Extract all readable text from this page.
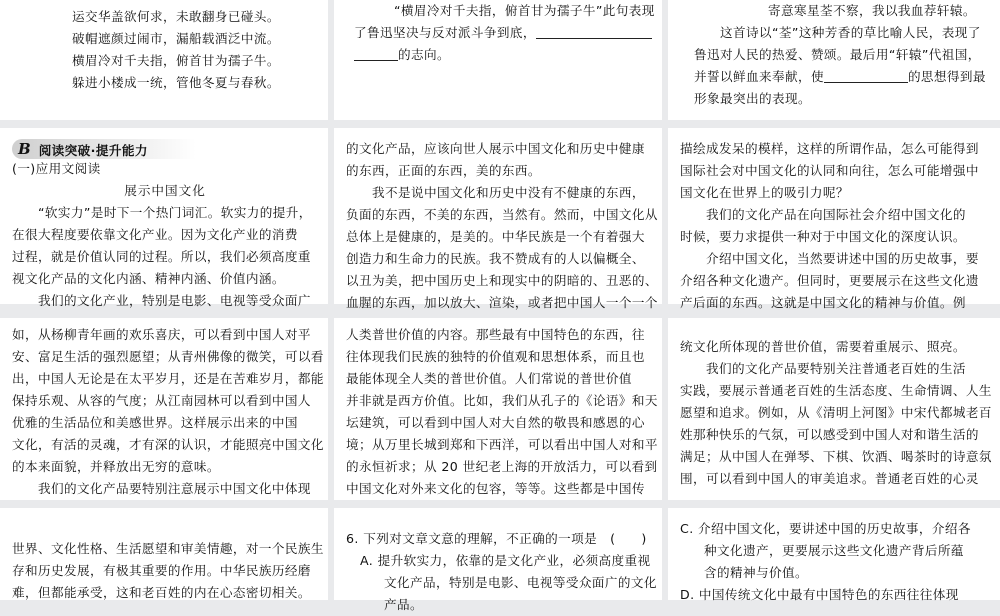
运交华盖欲何求，未敢翻身已碰头。
破帽遮颜过闹市，漏船载酒泛中流。
横眉冷对千夫指，俯首甘为孺子牛。
躲进小楼成一统，管他冬夏与春秋。
“横眉冷对千夫指，俯首甘为孺子牛”此句表现
了鲁迅坚决与反对派斗争到底，
的志向。
寄意寒星荃不察，我以我血荐轩辕。
这首诗以“荃”这种芳香的草比喻人民，表现了
鲁迅对人民的热爱、赞颂。最后用“轩辕”代祖国，
并誓以鲜血来奉献，使	的思想得到最
形象最突出的表现。
B 阅读突破·提升能力
(一)应用文阅读
展示中国文化
“软实力”是时下一个热门词汇。软实力的提升，
在很大程度要依靠文化产业。因为文化产业的消费
过程，就是价值认同的过程。所以，我们必须高度重
视文化产品的文化内涵、精神内涵、价值内涵。
我们的文化产业，特别是电影、电视等受众面广
的文化产品，应该向世人展示中国文化和历史中健康
的东西，正面的东西，美的东西。
我不是说中国文化和历史中没有不健康的东西，
负面的东西，不美的东西，当然有。然而，中国文化从
总体上是健康的，是美的。中华民族是一个有着强大
创造力和生命力的民族。我不赞成有的人以偏概全、
以丑为美，把中国历史上和现实中的阴暗的、丑恶的、
血腥的东西，加以放大、渲染，或者把中国人一个一个
描绘成发呆的模样，这样的所谓作品，怎么可能得到
国际社会对中国文化的认同和向往，怎么可能增强中
国文化在世界上的吸引力呢？
我们的文化产品在向国际社会介绍中国文化的
时候，要力求提供一种对于中国文化的深度认识。
介绍中国文化，当然要讲述中国的历史故事，要
介绍各种文化遗产。但同时，更要展示在这些文化遗
产后面的东西。这就是中国文化的精神与价值。例
如，从杨柳青年画的欢乐喜庆，可以看到中国人对平
安、富足生活的强烈愿望；从青州佛像的微笑，可以看
出，中国人无论是在太平岁月，还是在苦难岁月，都能
保持乐观、从容的气度；从江南园林可以看到中国人
优雅的生活品位和美感世界。这样展示出来的中国
文化，有活的灵魂，才有深的认识，才能照亮中国文化
的本来面貌，并释放出无穷的意味。
我们的文化产品要特别注意展示中国文化中体现
人类普世价值的内容。那些最有中国特色的东西，往
往体现我们民族的独特的价值观和思想体系，而且也
最能体现全人类的普世价值。人们常说的普世价值
并非就是西方价值。比如，我们从孔子的《论语》和天
坛建筑，可以看到中国人对大自然的敬畏和感恩的心
境；从万里长城到郑和下西洋，可以看出中国人对和平
的永恒祈求；从 20 世纪老上海的开放活力，可以看到
中国文化对外来文化的包容，等等。这些都是中国传
统文化所体现的普世价值，需要着重展示、照亮。
我们的文化产品要特别关注普通老百姓的生活
实践，要展示普通老百姓的生活态度、生命情调、人生
愿望和追求。例如，从《清明上河图》中宋代都城老百
姓那种快乐的气氛，可以感受到中国人对和谐生活的
满足；从中国人在弹琴、下棋、饮酒、喝茶时的诗意氛
围，可以看到中国人的审美追求。普通老百姓的心灵
世界、文化性格、生活愿望和审美情趣，对一个民族生
存和历史发展，有极其重要的作用。中华民族历经磨
难，但都能承受，这和老百姓的内在心态密切相关。
6. 下列对文章文意的理解，不正确的一项是　(　　)
A. 提升软实力，依靠的是文化产业，必须高度重视
文化产品，特别是电影、电视等受众面广的文化
产品。
C. 介绍中国文化，要讲述中国的历史故事，介绍各
种文化遗产，更要展示这些文化遗产背后所蕴
含的精神与价值。
D. 中国传统文化中最有中国特色的东西往往体现
